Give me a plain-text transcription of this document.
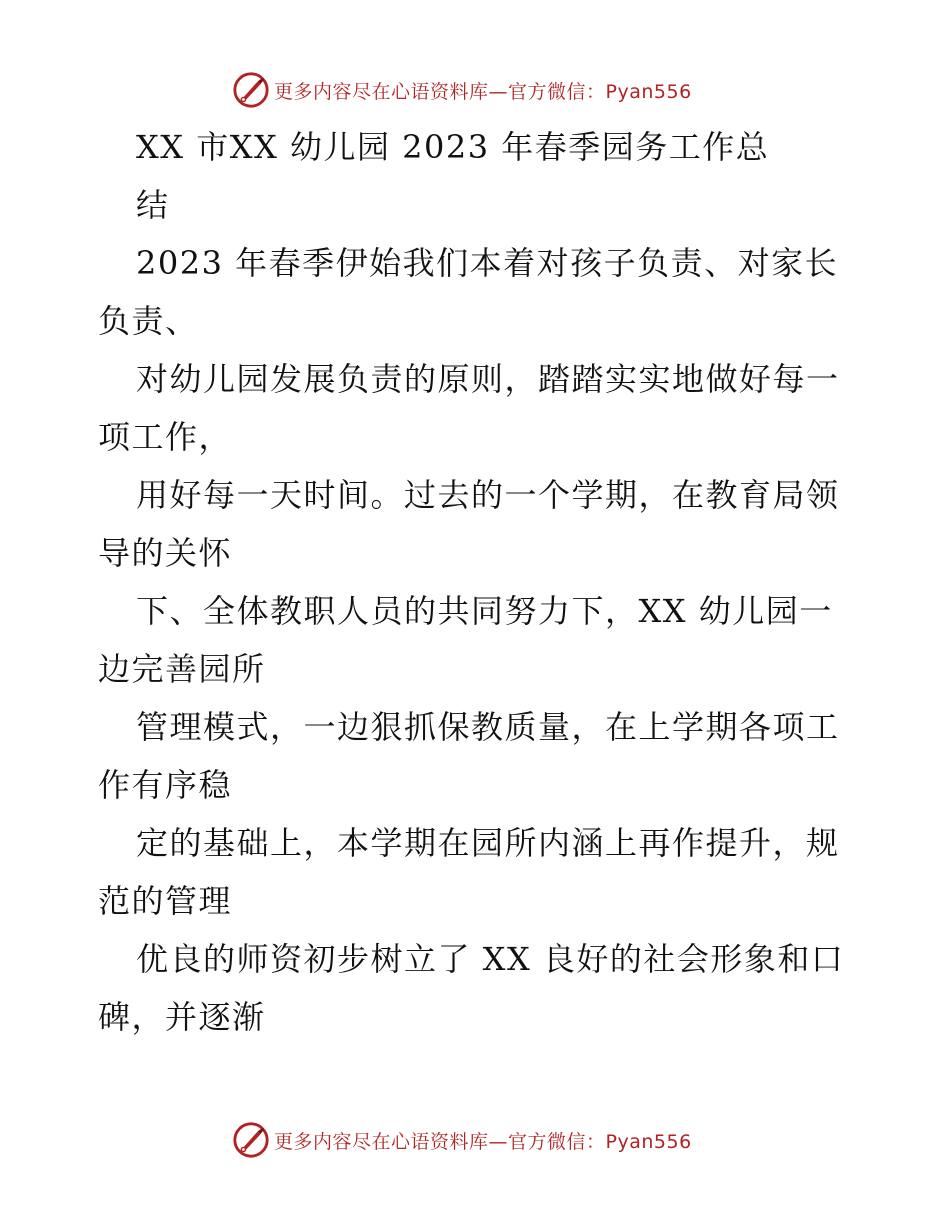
更多内容尽在心语资料库—官方微信：Pyan556
XX 市XX 幼儿园 2023 年春季园务工作总
结
2023 年春季伊始我们本着对孩子负责、对家长
负责、
对幼儿园发展负责的原则，踏踏实实地做好每一
项工作，
用好每一天时间。过去的一个学期，在教育局领
导的关怀
下、全体教职人员的共同努力下，XX 幼儿园一
边完善园所
管理模式，一边狠抓保教质量，在上学期各项工
作有序稳
定的基础上，本学期在园所内涵上再作提升，规
范的管理
优良的师资初步树立了 XX 良好的社会形象和口
碑，并逐渐
更多内容尽在心语资料库—官方微信：Pyan556
